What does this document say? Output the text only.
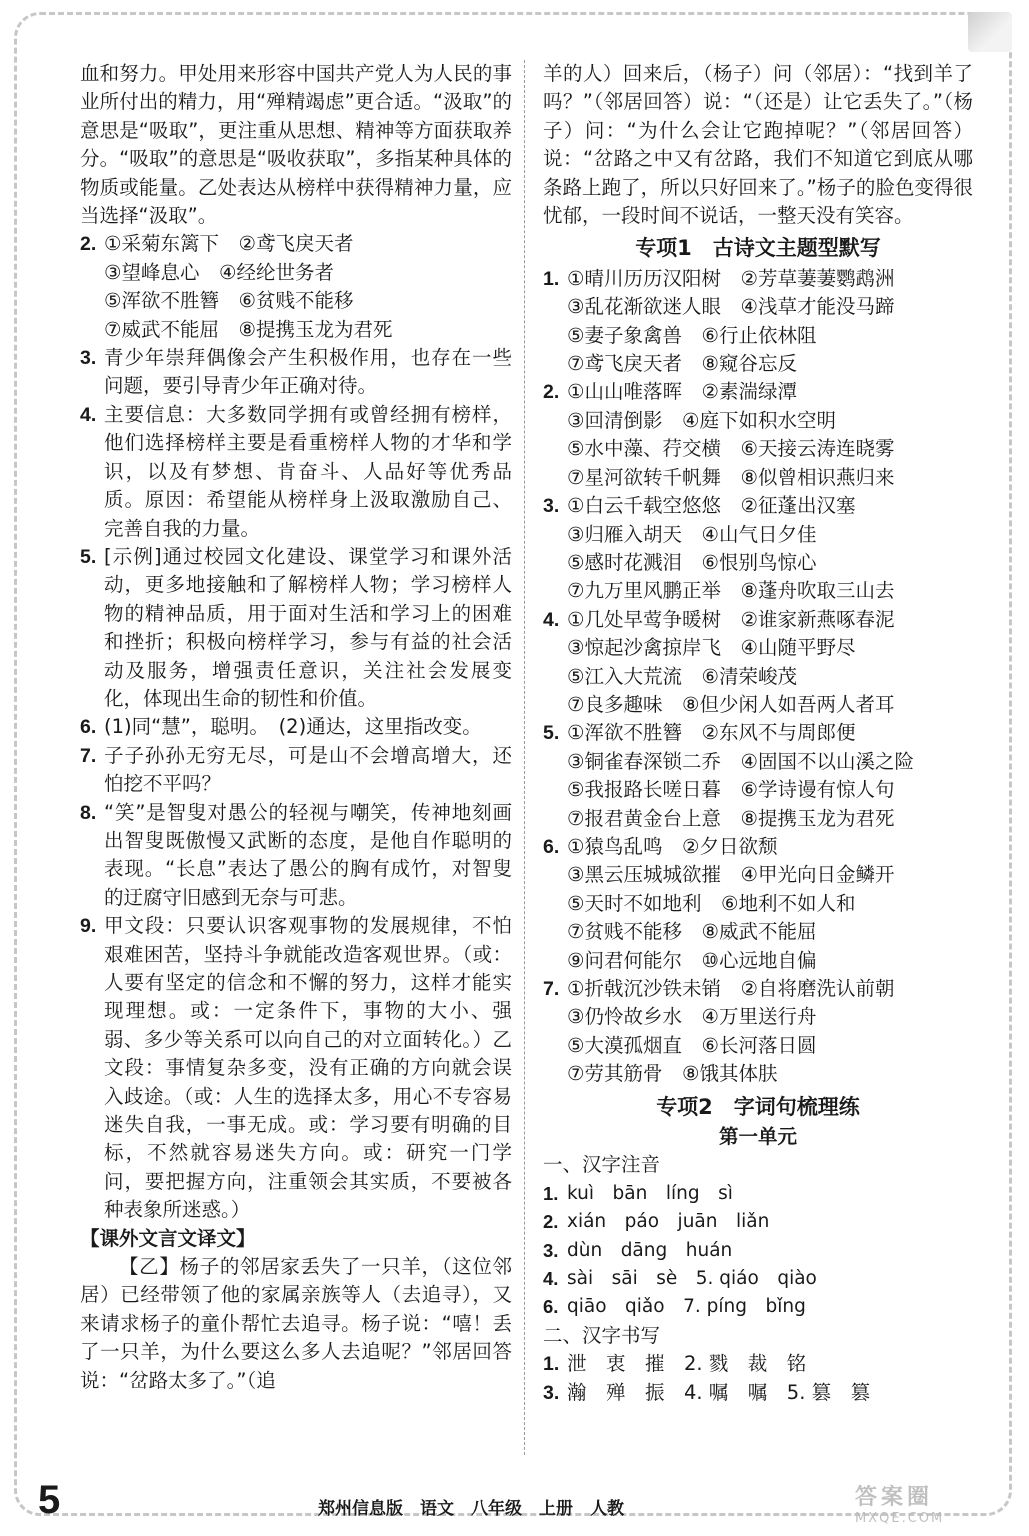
血和努力。甲处用来形容中国共产党人为人民的事业所付出的精力，用“殚精竭虑”更合适。“汲取”的意思是“吸取”，更注重从思想、精神等方面获取养分。“吸取”的意思是“吸收获取”，多指某种具体的物质或能量。乙处表达从榜样中获得精神力量，应当选择“汲取”。
2. ①采菊东篱下　②鸢飞戾天者
③望峰息心　④经纶世务者
⑤浑欲不胜簪　⑥贫贱不能移
⑦威武不能屈　⑧提携玉龙为君死
3. 青少年崇拜偶像会产生积极作用，也存在一些问题，要引导青少年正确对待。
4. 主要信息：大多数同学拥有或曾经拥有榜样，他们选择榜样主要是看重榜样人物的才华和学识，以及有梦想、肯奋斗、人品好等优秀品质。原因：希望能从榜样身上汲取激励自己、完善自我的力量。
5. [示例]通过校园文化建设、课堂学习和课外活动，更多地接触和了解榜样人物；学习榜样人物的精神品质，用于面对生活和学习上的困难和挫折；积极向榜样学习，参与有益的社会活动及服务，增强责任意识，关注社会发展变化，体现出生命的韧性和价值。
6. (1)同“慧”，聪明。　(2)通达，这里指改变。
7. 子子孙孙无穷无尽，可是山不会增高增大，还怕挖不平吗？
8. “笑”是智叟对愚公的轻视与嘲笑，传神地刻画出智叟既傲慢又武断的态度，是他自作聪明的表现。“长息”表达了愚公的胸有成竹，对智叟的迂腐守旧感到无奈与可悲。
9. 甲文段：只要认识客观事物的发展规律，不怕艰难困苦，坚持斗争就能改造客观世界。（或：人要有坚定的信念和不懈的努力，这样才能实现理想。或：一定条件下，事物的大小、强弱、多少等关系可以向自己的对立面转化。）乙文段：事情复杂多变，没有正确的方向就会误入歧途。（或：人生的选择太多，用心不专容易迷失自我，一事无成。或：学习要有明确的目标，不然就容易迷失方向。或：研究一门学问，要把握方向，注重领会其实质，不要被各种表象所迷惑。）
【课外文言文译文】
【乙】杨子的邻居家丢失了一只羊，（这位邻居）已经带领了他的家属亲族等人（去追寻），又来请求杨子的童仆帮忙去追寻。杨子说：“嘻！丢了一只羊，为什么要这么多人去追呢？”邻居回答说：“岔路太多了。”（追
羊的人）回来后，（杨子）问（邻居）：“找到羊了吗？”（邻居回答）说：“（还是）让它丢失了。”（杨子）问：“为什么会让它跑掉呢？”（邻居回答）说：“岔路之中又有岔路，我们不知道它到底从哪条路上跑了，所以只好回来了。”杨子的脸色变得很忧郁，一段时间不说话，一整天没有笑容。
专项1　古诗文主题型默写
1. ①晴川历历汉阳树　②芳草萋萋鹦鹉洲
③乱花渐欲迷人眼　④浅草才能没马蹄
⑤妻子象禽兽　⑥行止依林阻
⑦鸢飞戾天者　⑧窥谷忘反
2. ①山山唯落晖　②素湍绿潭
③回清倒影　④庭下如积水空明
⑤水中藻、荇交横　⑥天接云涛连晓雾
⑦星河欲转千帆舞　⑧似曾相识燕归来
3. ①白云千载空悠悠　②征蓬出汉塞
③归雁入胡天　④山气日夕佳
⑤感时花溅泪　⑥恨别鸟惊心
⑦九万里风鹏正举　⑧蓬舟吹取三山去
4. ①几处早莺争暖树　②谁家新燕啄春泥
③惊起沙禽掠岸飞　④山随平野尽
⑤江入大荒流　⑥清荣峻茂
⑦良多趣味　⑧但少闲人如吾两人者耳
5. ①浑欲不胜簪　②东风不与周郎便
③铜雀春深锁二乔　④固国不以山溪之险
⑤我报路长嗟日暮　⑥学诗谩有惊人句
⑦报君黄金台上意　⑧提携玉龙为君死
6. ①猿鸟乱鸣　②夕日欲颓
③黑云压城城欲摧　④甲光向日金鳞开
⑤天时不如地利　⑥地利不如人和
⑦贫贱不能移　⑧威武不能屈
⑨问君何能尔　⑩心远地自偏
7. ①折戟沉沙铁未销　②自将磨洗认前朝
③仍怜故乡水　④万里送行舟
⑤大漠孤烟直　⑥长河落日圆
⑦劳其筋骨　⑧饿其体肤
专项2　字词句梳理练
第一单元
一、汉字注音
1. kuì　bān　líng　sì
2. xián　páo　juān　liǎn
3. dùn　dāng　huán
4. sài　sāi　sè　5. qiáo　qiào
6. qiāo　qiǎo　7. píng　bǐng
二、汉字书写
1. 泄　衷　摧　2. 戮　裁　铭
3. 瀚　殚　振　4. 嘱　嘱　5. 篡　篡
5	郑州信息版　语文　八年级　上册　人教	答案圈
MXQE.COM
